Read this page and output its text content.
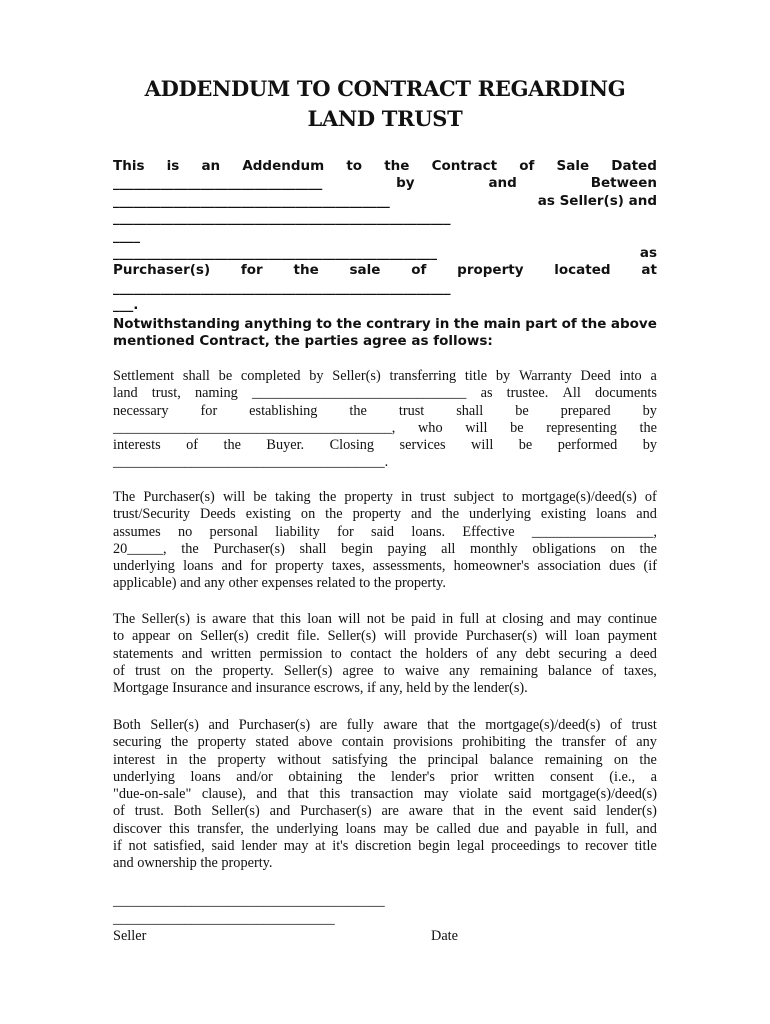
ADDENDUM TO CONTRACT REGARDING
LAND TRUST
This is an Addendum to the Contract of Sale Dated
_______________________________	by	and	Between
_________________________________________	as Seller(s) and
__________________________________________________
____
________________________________________________	as
Purchaser(s) for the sale of property located at
__________________________________________________
___.
Notwithstanding anything to the contrary in the main part of the above
mentioned Contract, the parties agree as follows:
Settlement shall be completed by Seller(s) transferring title by Warranty Deed into a
land trust, naming ______________________________ as trustee. All documents
necessary for establishing the trust shall be prepared by
_______________________________________, who will be representing the
interests of the Buyer. Closing services will be performed by
______________________________________.
The Purchaser(s) will be taking the property in trust subject to mortgage(s)/deed(s) of
trust/Security Deeds existing on the property and the underlying existing loans and
assumes no personal liability for said loans. Effective _________________,
20_____, the Purchaser(s) shall begin paying all monthly obligations on the
underlying loans and for property taxes, assessments, homeowner's association dues (if
applicable) and any other expenses related to the property.
The Seller(s) is aware that this loan will not be paid in full at closing and may continue
to appear on Seller(s) credit file. Seller(s) will provide Purchaser(s) will loan payment
statements and written permission to contact the holders of any debt securing a deed
of trust on the property. Seller(s) agree to waive any remaining balance of taxes,
Mortgage Insurance and insurance escrows, if any, held by the lender(s).
Both Seller(s) and Purchaser(s) are fully aware that the mortgage(s)/deed(s) of trust
securing the property stated above contain provisions prohibiting the transfer of any
interest in the property without satisfying the principal balance remaining on the
underlying loans and/or obtaining the lender's prior written consent (i.e., a
"due-on-sale" clause), and that this transaction may violate said mortgage(s)/deed(s)
of trust. Both Seller(s) and Purchaser(s) are aware that in the event said lender(s)
discover this transfer, the underlying loans may be called due and payable in full, and
if not satisfied, said lender may at it's discretion begin legal proceedings to recover title
and ownership the property.
______________________________________
_______________________________
Seller	Date
